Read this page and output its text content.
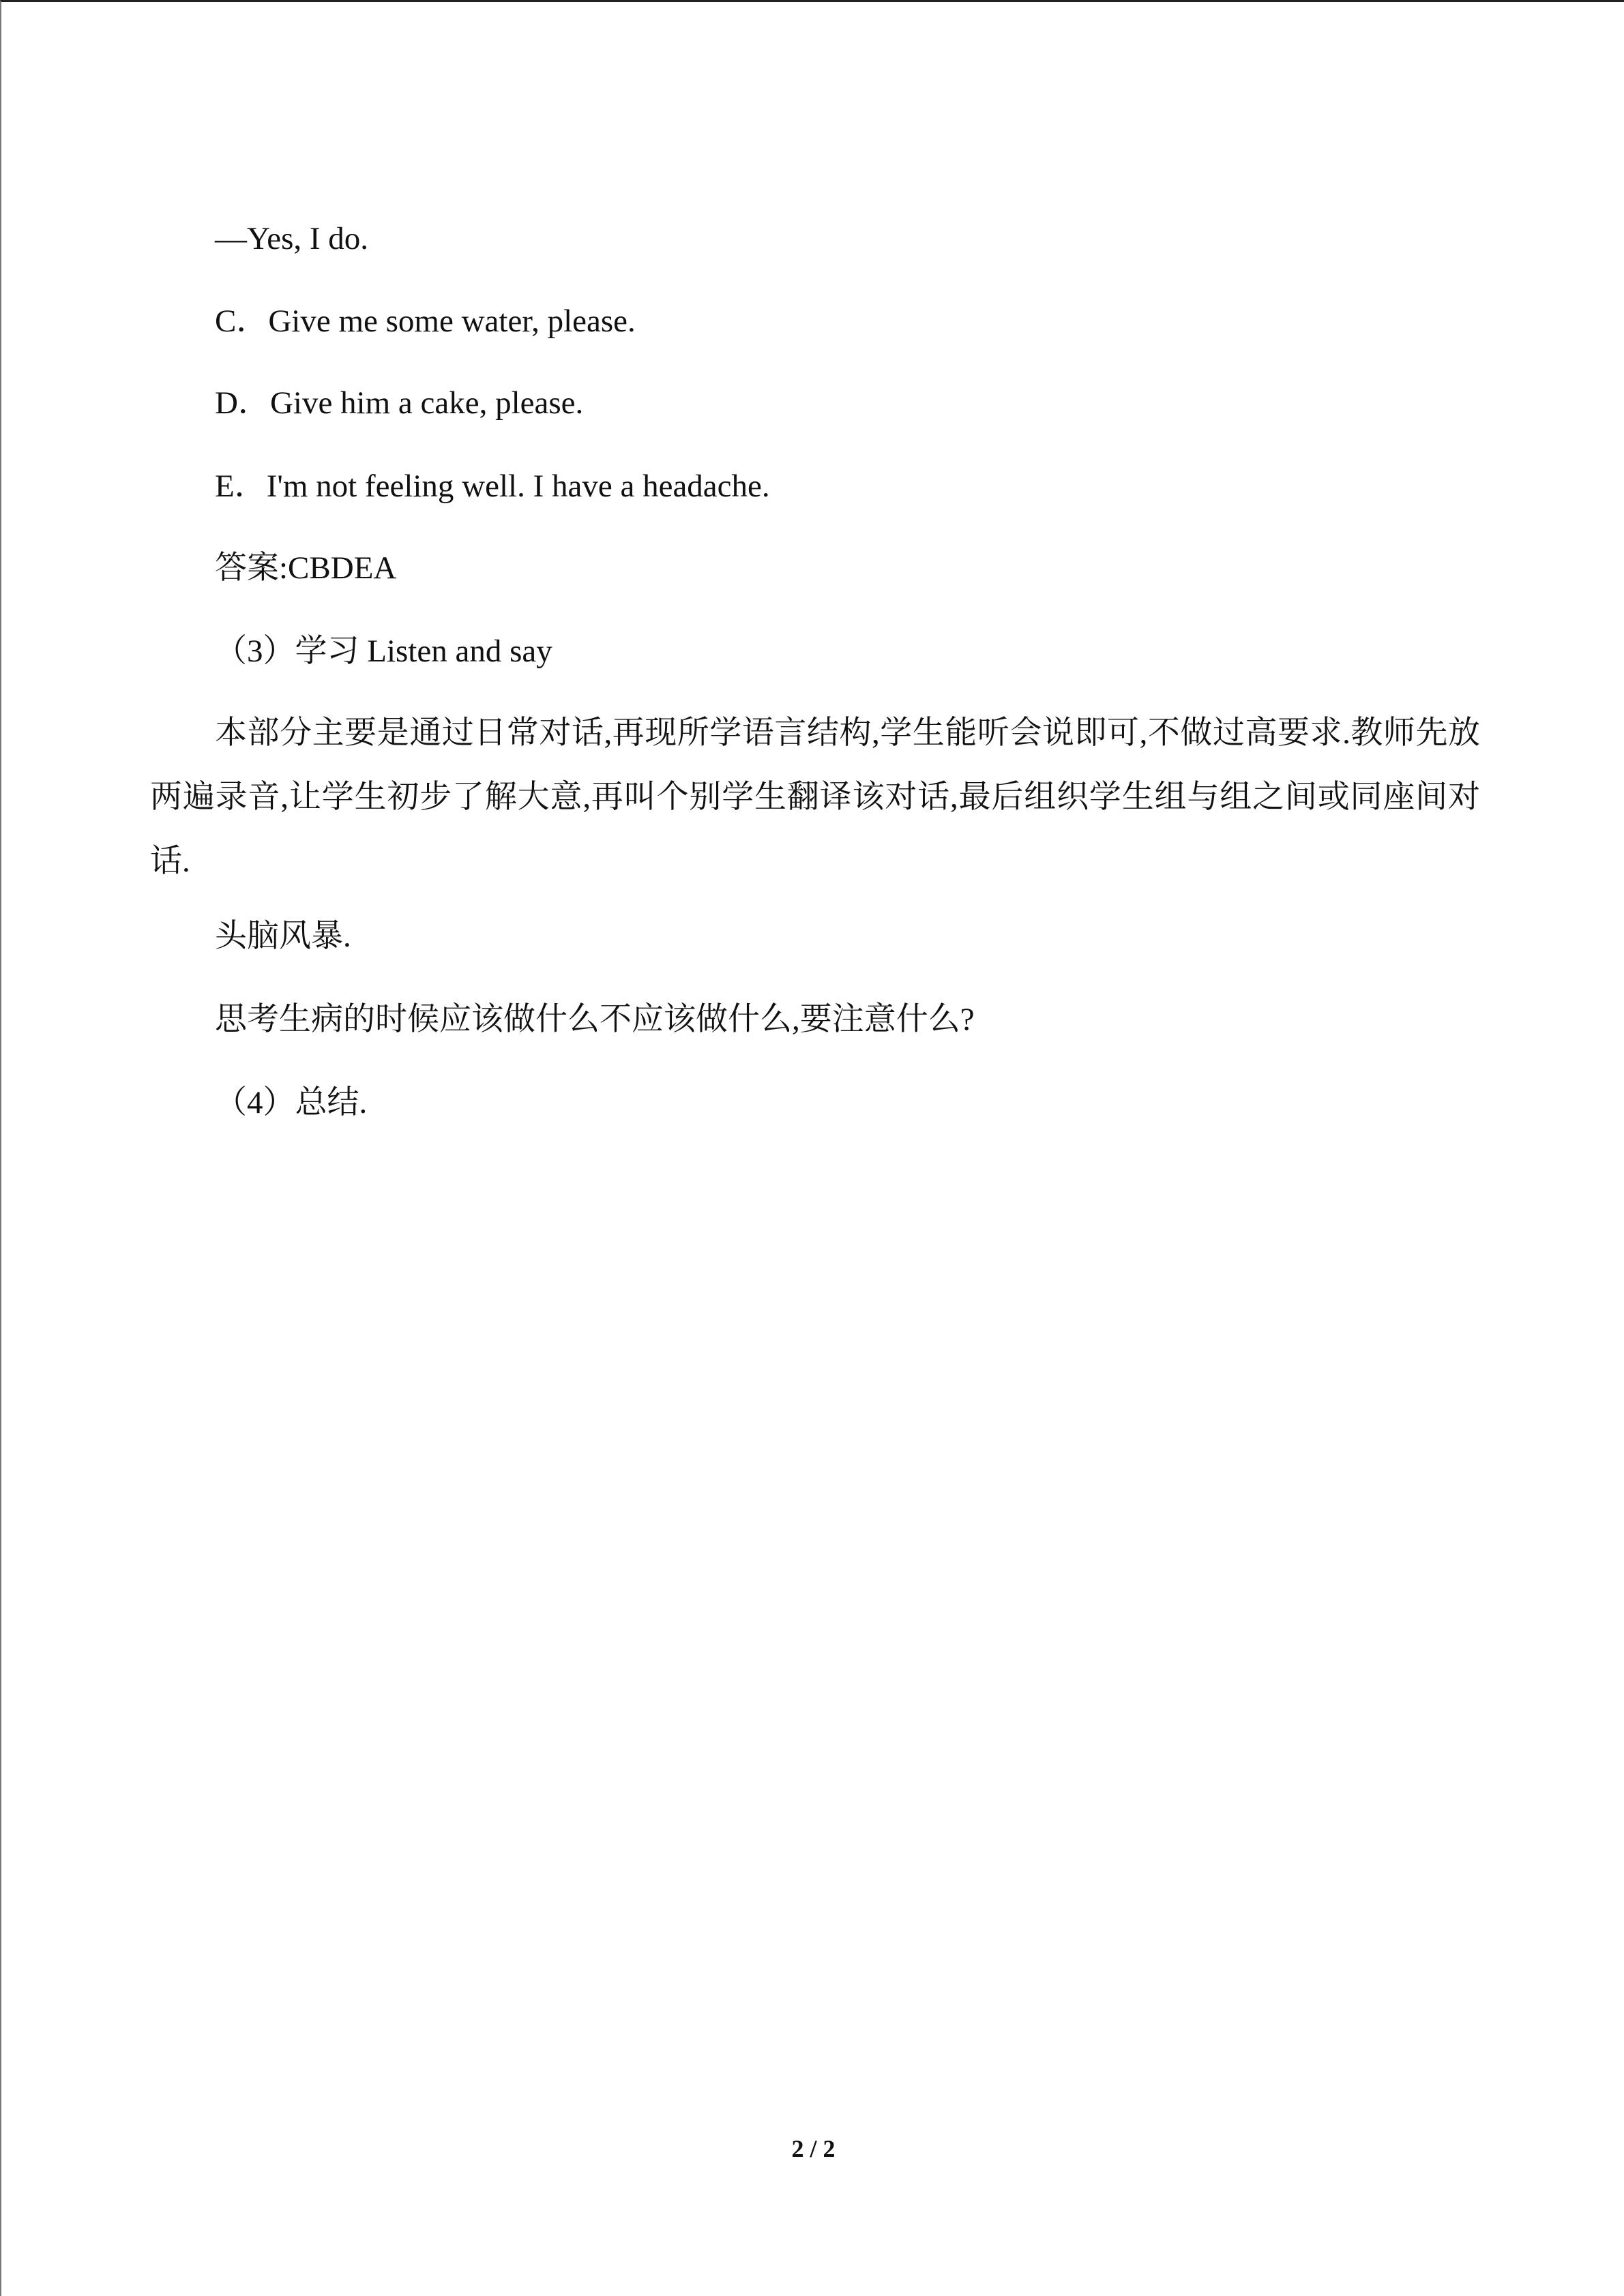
—Yes, I do.
C．Give me some water, please.
D．Give him a cake, please.
E．I'm not feeling well. I have a headache.
答案:CBDEA
（3）学习 Listen and say

本部分主要是通过日常对话,再现所学语言结构,学生能听会说即可,不做过高要求.教师先放两遍录音,让学生初步了解大意,再叫个别学生翻译该对话,最后组织学生组与组之间或同座间对话.

头脑风暴.
思考生病的时候应该做什么不应该做什么,要注意什么?
（4）总结.
2 / 2
